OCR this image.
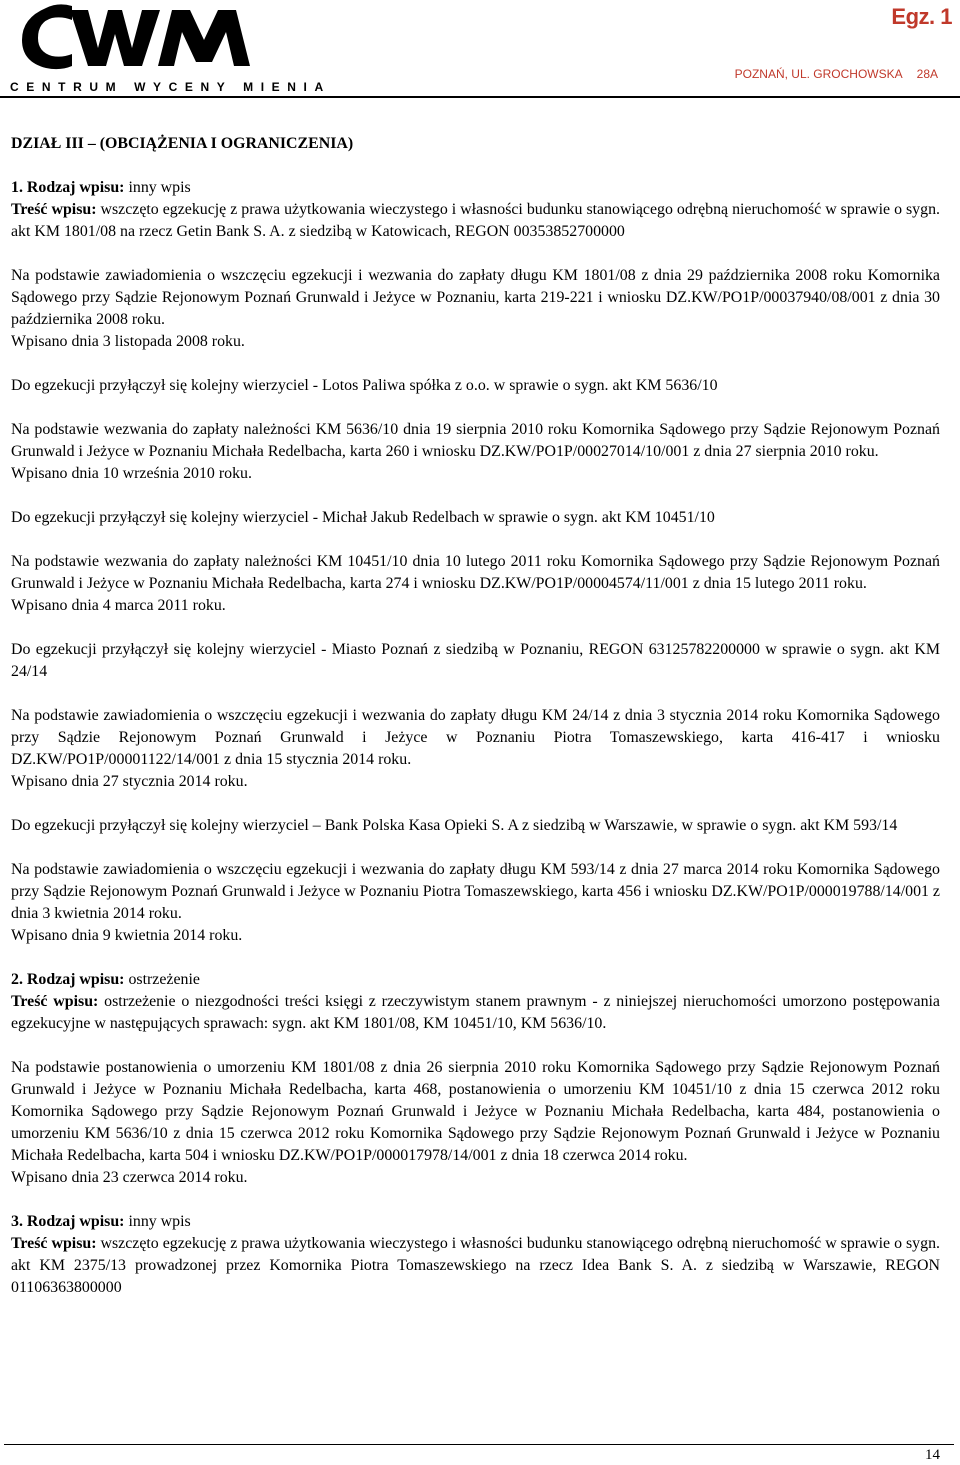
CENTRUM WYCENY MIENIA
Egz. 1
POZNAŃ, UL. GROCHOWSKA 28A

DZIAŁ III – (OBCIĄŻENIA I OGRANICZENIA)

1. Rodzaj wpisu: inny wpis

Treść wpisu: wszczęto egzekucję z prawa użytkowania wieczystego i własności budunku stanowiącego odrębną nieruchomość w sprawie o sygn. akt KM 1801/08 na rzecz Getin Bank S. A. z siedzibą w Katowicach, REGON 00353852700000

Na podstawie zawiadomienia o wszczęciu egzekucji i wezwania do zapłaty długu KM 1801/08 z dnia 29 października 2008 roku Komornika Sądowego przy Sądzie Rejonowym Poznań Grunwald i Jeżyce w Poznaniu, karta 219-221 i wniosku DZ.KW/PO1P/00037940/08/001 z dnia 30 października 2008 roku.

Wpisano dnia 3 listopada 2008 roku.

Do egzekucji przyłączył się kolejny wierzyciel - Lotos Paliwa spółka z o.o. w sprawie o sygn. akt KM 5636/10

Na podstawie wezwania do zapłaty należności KM 5636/10 dnia 19 sierpnia 2010 roku Komornika Sądowego przy Sądzie Rejonowym Poznań Grunwald i Jeżyce w Poznaniu Michała Redelbacha, karta 260 i wniosku DZ.KW/PO1P/00027014/10/001 z dnia 27 sierpnia 2010 roku.

Wpisano dnia 10 września 2010 roku.

Do egzekucji przyłączył się kolejny wierzyciel - Michał Jakub Redelbach w sprawie o sygn. akt KM 10451/10

Na podstawie wezwania do zapłaty należności KM 10451/10 dnia 10 lutego 2011 roku Komornika Sądowego przy Sądzie Rejonowym Poznań Grunwald i Jeżyce w Poznaniu Michała Redelbacha, karta 274 i wniosku DZ.KW/PO1P/00004574/11/001 z dnia 15 lutego 2011 roku.

Wpisano dnia 4 marca 2011 roku.

Do egzekucji przyłączył się kolejny wierzyciel - Miasto Poznań z siedzibą w Poznaniu, REGON 63125782200000 w sprawie o sygn. akt KM 24/14

Na podstawie zawiadomienia o wszczęciu egzekucji i wezwania do zapłaty długu KM 24/14 z dnia 3 stycznia 2014 roku Komornika Sądowego przy Sądzie Rejonowym Poznań Grunwald i Jeżyce w Poznaniu Piotra Tomaszewskiego, karta 416-417 i wniosku DZ.KW/PO1P/00001122/14/001 z dnia 15 stycznia 2014 roku.

Wpisano dnia 27 stycznia 2014 roku.

Do egzekucji przyłączył się kolejny wierzyciel – Bank Polska Kasa Opieki S. A z siedzibą w Warszawie, w sprawie o sygn. akt KM 593/14

Na podstawie zawiadomienia o wszczęciu egzekucji i wezwania do zapłaty długu KM 593/14 z dnia 27 marca 2014 roku Komornika Sądowego przy Sądzie Rejonowym Poznań Grunwald i Jeżyce w Poznaniu Piotra Tomaszewskiego, karta 456 i wniosku DZ.KW/PO1P/000019788/14/001 z dnia 3 kwietnia 2014 roku.

Wpisano dnia 9 kwietnia 2014 roku.

2. Rodzaj wpisu: ostrzeżenie

Treść wpisu: ostrzeżenie o niezgodności treści księgi z rzeczywistym stanem prawnym - z niniejszej nieruchomości umorzono postępowania egzekucyjne w następujących sprawach: sygn. akt KM 1801/08, KM 10451/10, KM 5636/10.

Na podstawie postanowienia o umorzeniu KM 1801/08 z dnia 26 sierpnia 2010 roku Komornika Sądowego przy Sądzie Rejonowym Poznań Grunwald i Jeżyce w Poznaniu Michała Redelbacha, karta 468, postanowienia o umorzeniu KM 10451/10 z dnia 15 czerwca 2012 roku Komornika Sądowego przy Sądzie Rejonowym Poznań Grunwald i Jeżyce w Poznaniu Michała Redelbacha, karta 484, postanowienia o umorzeniu KM 5636/10 z dnia 15 czerwca 2012 roku Komornika Sądowego przy Sądzie Rejonowym Poznań Grunwald i Jeżyce w Poznaniu Michała Redelbacha, karta 504 i wniosku DZ.KW/PO1P/000017978/14/001 z dnia 18 czerwca 2014 roku.

Wpisano dnia 23 czerwca 2014 roku.

3. Rodzaj wpisu: inny wpis

Treść wpisu: wszczęto egzekucję z prawa użytkowania wieczystego i własności budunku stanowiącego odrębną nieruchomość w sprawie o sygn. akt KM 2375/13 prowadzonej przez Komornika Piotra Tomaszewskiego na rzecz Idea Bank S. A. z siedzibą w Warszawie, REGON 01106363800000

14
